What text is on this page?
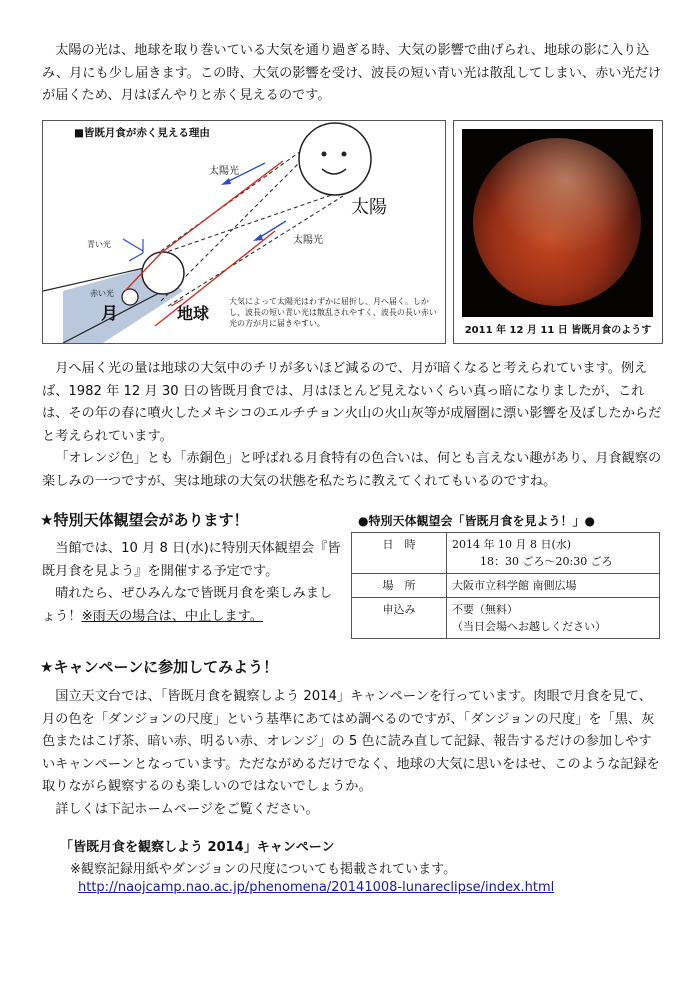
太陽の光は、地球を取り巻いている大気を通り過ぎる時、大気の影響で曲げられ、地球の影に入り込み、月にも少し届きます。この時、大気の影響を受け、波長の短い青い光は散乱してしまい、赤い光だけが届くため、月はぼんやりと赤く見えるのです。

■皆既月食が赤く見える理由
太陽光
太陽
太陽光
青い光
赤い光
月	地球
大気によって太陽光はわずかに屈折し、月へ届く。しかし、波長の短い青い光は散乱されやすく、波長の長い赤い光の方が月に届きやすい。
2011 年 12 月 11 日 皆既月食のようす

月へ届く光の量は地球の大気中のチリが多いほど減るので、月が暗くなると考えられています。例えば、1982 年 12 月 30 日の皆既月食では、月はほとんど見えないくらい真っ暗になりましたが、これは、その年の春に噴火したメキシコのエルチチョン火山の火山灰等が成層圏に漂い影響を及ぼしたからだと考えられています。

「オレンジ色」とも「赤銅色」と呼ばれる月食特有の色合いは、何とも言えない趣があり、月食観察の楽しみの一つですが、実は地球の大気の状態を私たちに教えてくれてもいるのですね。

★特別天体観望会があります！
当館では、10 月 8 日(水)に特別天体観望会『皆既月食を見よう』を開催する予定です。
晴れたら、ぜひみんなで皆既月食を楽しみましょう！※雨天の場合は、中止します。
●特別天体観望会「皆既月食を見よう！」●
日　時	2014 年 10 月 8 日(水)
18：30 ごろ～20:30 ごろ

場　所	大阪市立科学館 南側広場
申込み	不要（無料）
（当日会場へお越しください）
★キャンペーンに参加してみよう！

国立天文台では、「皆既月食を観察しよう 2014」キャンペーンを行っています。肉眼で月食を見て、月の色を「ダンジョンの尺度」という基準にあてはめ調べるのですが、「ダンジョンの尺度」を「黒、灰色またはこげ茶、暗い赤、明るい赤、オレンジ」の 5 色に読み直して記録、報告するだけの参加しやすいキャンペーンとなっています。ただながめるだけでなく、地球の大気に思いをはせ、このような記録を取りながら観察するのも楽しいのではないでしょうか。

詳しくは下記ホームページをご覧ください。

「皆既月食を観察しよう 2014」キャンペーン
※観察記録用紙やダンジョンの尺度についても掲載されています。
http://naojcamp.nao.ac.jp/phenomena/20141008-lunareclipse/index.html
